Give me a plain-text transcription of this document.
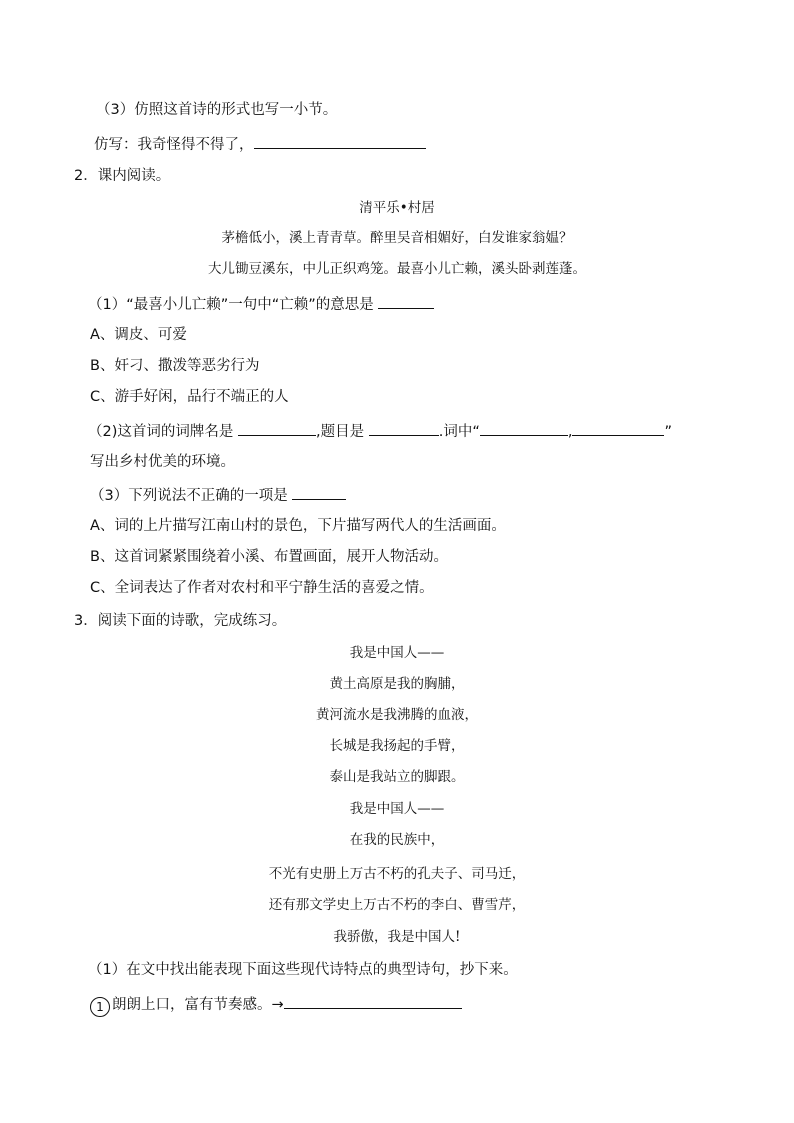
（3）仿照这首诗的形式也写一小节。
仿写：我奇怪得不得了，
2．课内阅读。
清平乐•村居
茅檐低小，溪上青青草。醉里吴音相媚好，白发谁家翁媪？
大儿锄豆溪东，中儿正织鸡笼。最喜小儿亡赖，溪头卧剥莲蓬。
（1）“最喜小儿亡赖”一句中“亡赖”的意思是
A、调皮、可爱
B、奸刁、撒泼等恶劣行为
C、游手好闲，品行不端正的人
（2)这首词的词牌名是	,题目是	.词中“	,	”
写出乡村优美的环境。
（3）下列说法不正确的一项是
A、词的上片描写江南山村的景色，下片描写两代人的生活画面。
B、这首词紧紧围绕着小溪、布置画面，展开人物活动。
C、全词表达了作者对农村和平宁静生活的喜爱之情。
3．阅读下面的诗歌，完成练习。
我是中国人——
黄土高原是我的胸脯，
黄河流水是我沸腾的血液，
长城是我扬起的手臂，
泰山是我站立的脚跟。
我是中国人——
在我的民族中，
不光有史册上万古不朽的孔夫子、司马迁，
还有那文学史上万古不朽的李白、曹雪芹，
我骄傲，我是中国人!
（1）在文中找出能表现下面这些现代诗特点的典型诗句，抄下来。
1 朗朗上口，富有节奏感。→
